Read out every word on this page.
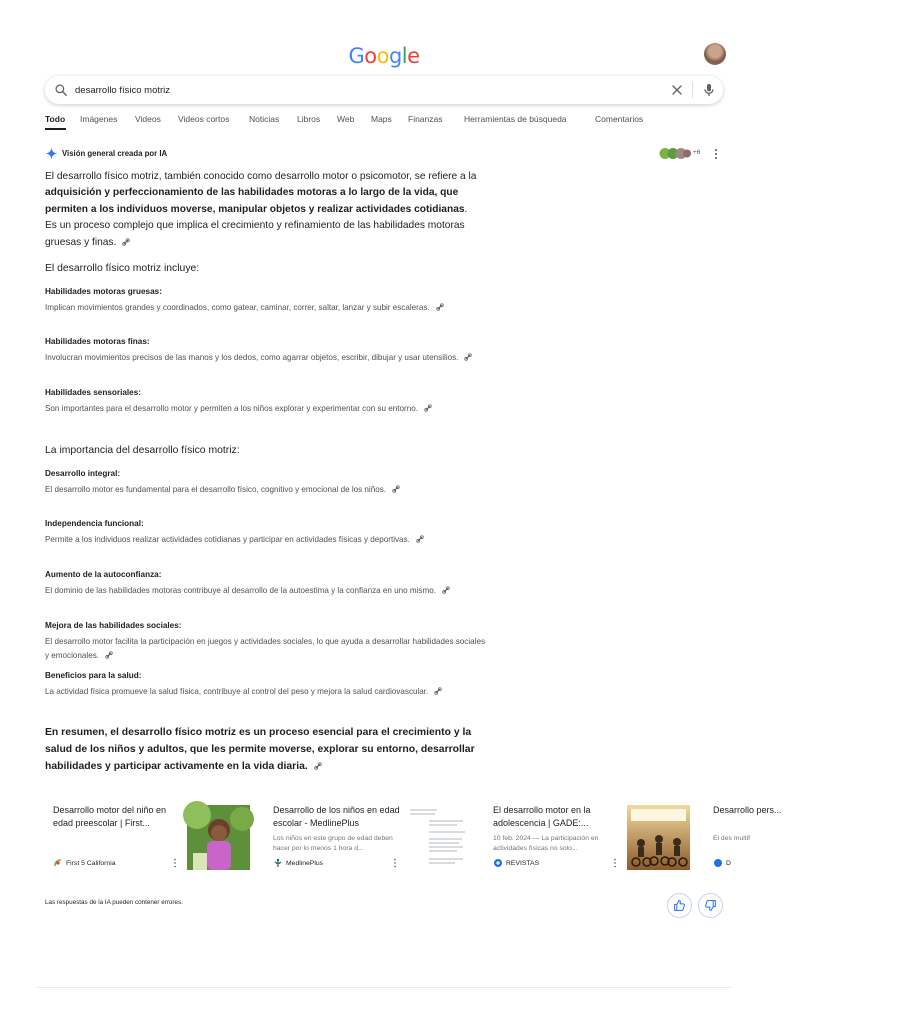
Google
desarrollo físico motriz
Todo Imágenes Videos Videos cortos Noticias Libros Web Maps Finanzas	Herramientas de búsqueda	Comentarios
Visión general creada por IA	+6
El desarrollo físico motriz, también conocido como desarrollo motor o psicomotor, se refiere a la adquisición y perfeccionamiento de las habilidades motoras a lo largo de la vida, que permiten a los individuos moverse, manipular objetos y realizar actividades cotidianas. Es un proceso complejo que implica el crecimiento y refinamiento de las habilidades motoras gruesas y finas.
El desarrollo físico motriz incluye:
Habilidades motoras gruesas:
Implican movimientos grandes y coordinados, como gatear, caminar, correr, saltar, lanzar y subir escaleras.
Habilidades motoras finas:
Involucran movimientos precisos de las manos y los dedos, como agarrar objetos, escribir, dibujar y usar utensilios.
Habilidades sensoriales:
Son importantes para el desarrollo motor y permiten a los niños explorar y experimentar con su entorno.
La importancia del desarrollo físico motriz:
Desarrollo integral:
El desarrollo motor es fundamental para el desarrollo físico, cognitivo y emocional de los niños.
Independencia funcional:
Permite a los individuos realizar actividades cotidianas y participar en actividades físicas y deportivas.
Aumento de la autoconfianza:
El dominio de las habilidades motoras contribuye al desarrollo de la autoestima y la confianza en uno mismo.
Mejora de las habilidades sociales:
El desarrollo motor facilita la participación en juegos y actividades sociales, lo que ayuda a desarrollar habilidades sociales y emocionales.
Beneficios para la salud:
La actividad física promueve la salud física, contribuye al control del peso y mejora la salud cardiovascular.
En resumen, el desarrollo físico motriz es un proceso esencial para el crecimiento y la salud de los niños y adultos, que les permite moverse, explorar su entorno, desarrollar habilidades y participar activamente en la vida diaria.
Desarrollo motor del niño en edad preescolar | First...
First 5 California
Desarrollo de los niños en edad escolar - MedlinePlus
Los niños en este grupo de edad deben hacer por lo menos 1 hora d...
MedlinePlus
El desarrollo motor en la adolescencia | GADE:...
10 feb. 2024 — La participación en actividades físicas no solo...
REVISTAS
Desarrollo pers...
El des multif
D
Las respuestas de la IA pueden contener errores.
